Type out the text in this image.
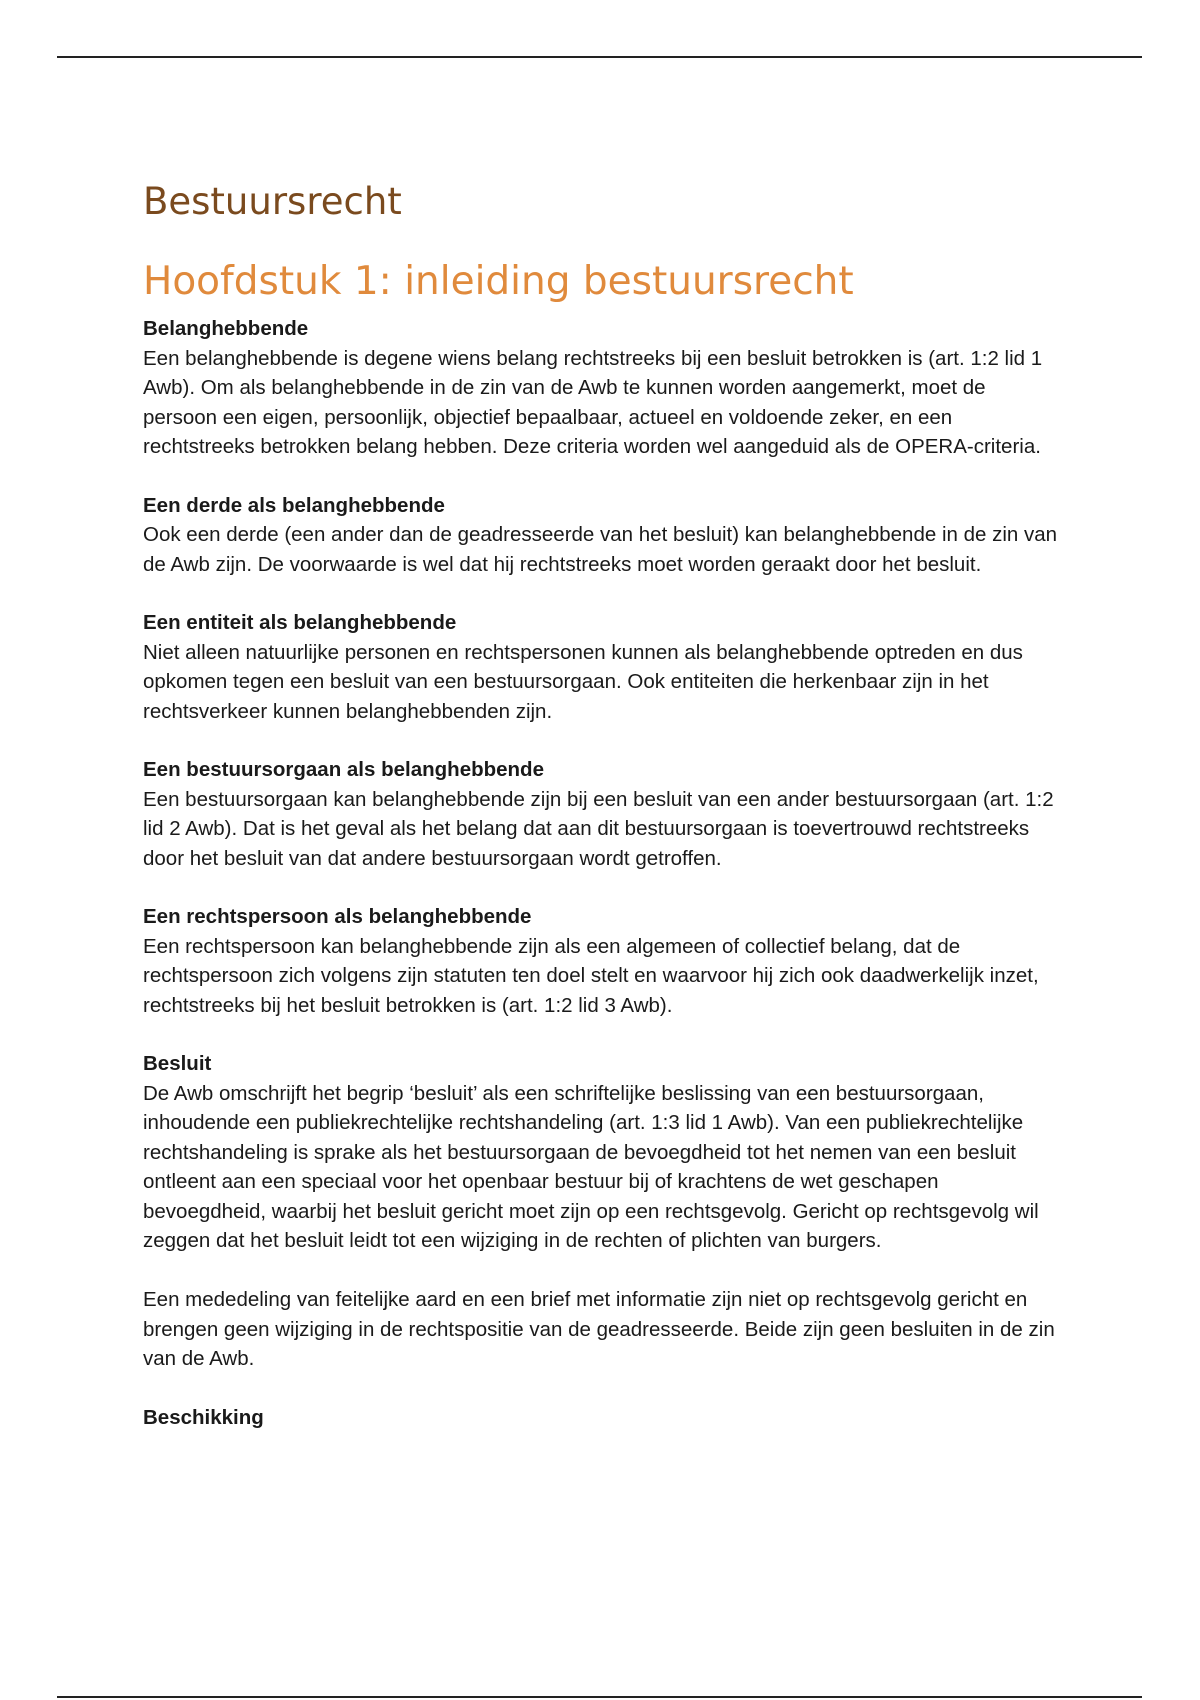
Bestuursrecht
Hoofdstuk 1: inleiding bestuursrecht
Belanghebbende

Een belanghebbende is degene wiens belang rechtstreeks bij een besluit betrokken is (art. 1:2 lid 1 Awb). Om als belanghebbende in de zin van de Awb te kunnen worden aangemerkt, moet de persoon een eigen, persoonlijk, objectief bepaalbaar, actueel en voldoende zeker, en een rechtstreeks betrokken belang hebben. Deze criteria worden wel aangeduid als de OPERA-criteria.

Een derde als belanghebbende

Ook een derde (een ander dan de geadresseerde van het besluit) kan belanghebbende in de zin van de Awb zijn. De voorwaarde is wel dat hij rechtstreeks moet worden geraakt door het besluit.

Een entiteit als belanghebbende

Niet alleen natuurlijke personen en rechtspersonen kunnen als belanghebbende optreden en dus opkomen tegen een besluit van een bestuursorgaan. Ook entiteiten die herkenbaar zijn in het rechtsverkeer kunnen belanghebbenden zijn.

Een bestuursorgaan als belanghebbende

Een bestuursorgaan kan belanghebbende zijn bij een besluit van een ander bestuursorgaan (art. 1:2 lid 2 Awb). Dat is het geval als het belang dat aan dit bestuursorgaan is toevertrouwd rechtstreeks door het besluit van dat andere bestuursorgaan wordt getroffen.

Een rechtspersoon als belanghebbende

Een rechtspersoon kan belanghebbende zijn als een algemeen of collectief belang, dat de rechtspersoon zich volgens zijn statuten ten doel stelt en waarvoor hij zich ook daadwerkelijk inzet, rechtstreeks bij het besluit betrokken is (art. 1:2 lid 3 Awb).

Besluit

De Awb omschrijft het begrip ‘besluit’ als een schriftelijke beslissing van een bestuursorgaan, inhoudende een publiekrechtelijke rechtshandeling (art. 1:3 lid 1 Awb). Van een publiekrechtelijke rechtshandeling is sprake als het bestuursorgaan de bevoegdheid tot het nemen van een besluit ontleent aan een speciaal voor het openbaar bestuur bij of krachtens de wet geschapen bevoegdheid, waarbij het besluit gericht moet zijn op een rechtsgevolg. Gericht op rechtsgevolg wil zeggen dat het besluit leidt tot een wijziging in de rechten of plichten van burgers.

Een mededeling van feitelijke aard en een brief met informatie zijn niet op rechtsgevolg gericht en brengen geen wijziging in de rechtspositie van de geadresseerde. Beide zijn geen besluiten in de zin van de Awb.

Beschikking
